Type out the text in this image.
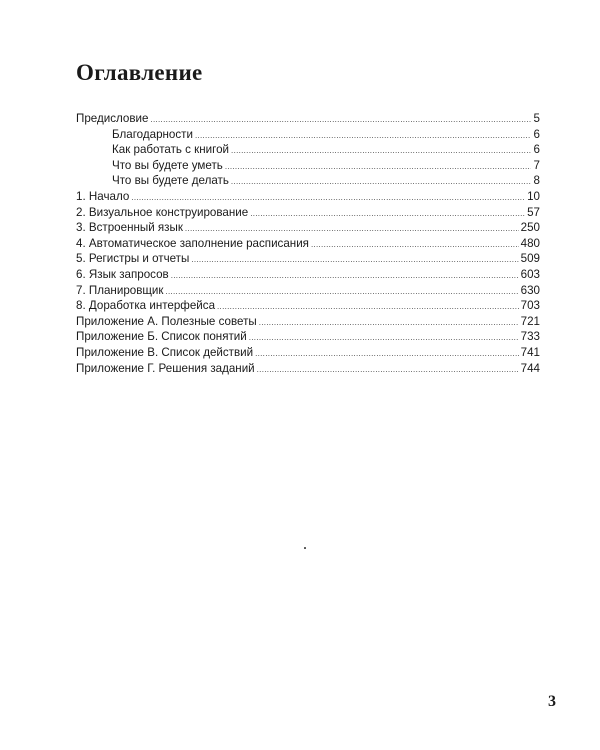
Оглавление
Предисловие .....	5
Благодарности .....	6
Как работать с книгой .....	6
Что вы будете уметь .....	7
Что вы будете делать .....	8
1. Начало .....	10
2. Визуальное конструирование .....	57
3. Встроенный язык .....	250
4. Автоматическое заполнение расписания .....	480
5. Регистры и отчеты .....	509
6. Язык запросов .....	603
7. Планировщик .....	630
8. Доработка интерфейса .....	703
Приложение А. Полезные советы .....	721
Приложение Б. Список понятий .....	733
Приложение В. Список действий .....	741
Приложение Г. Решения заданий .....	744
3
